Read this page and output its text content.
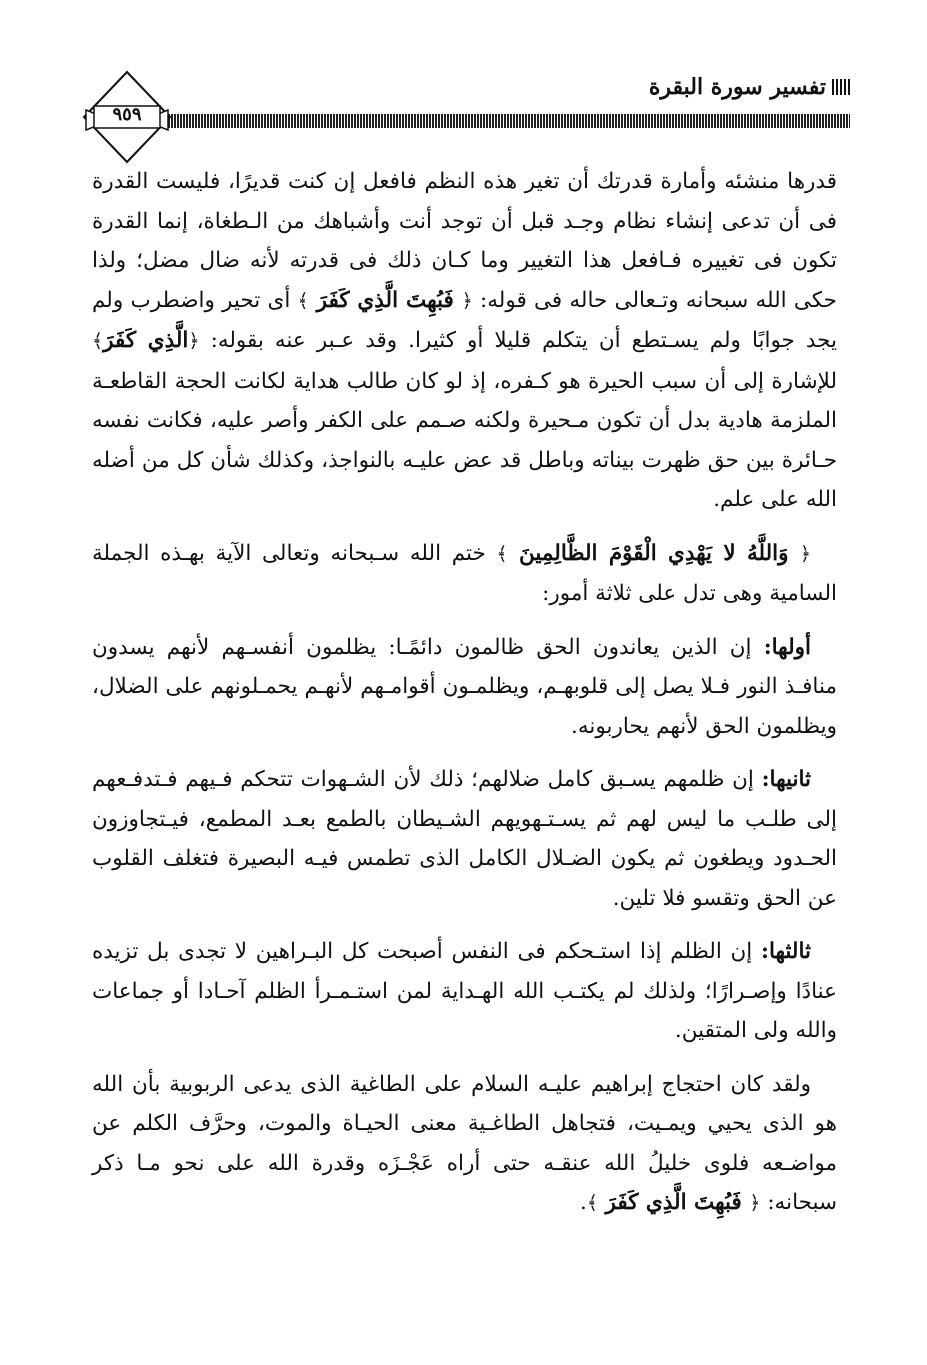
تفسير سورة البقرة
٩٥٩

قدرها منشئه وأمارة قدرتك أن تغير هذه النظم فافعل إن كنت قديرًا، فليست القدرة فى أن تدعى إنشاء نظام وجـد قبل أن توجد أنت وأشباهك من الـطغاة، إنما القدرة تكون فى تغييره فـافعل هذا التغيير وما كـان ذلك فى قدرته لأنه ضال مضل؛ ولذا حكى الله سبحانه وتـعالى حاله فى قوله: ﴿ فَبُهِتَ الَّذِي كَفَرَ ﴾ أى تحير واضطرب ولم يجد جوابًا ولم يسـتطع أن يتكلم قليلا أو كثيرا. وقد عـبر عنه بقوله: ﴿الَّذِي كَفَرَ﴾ للإشارة إلى أن سبب الحيرة هو كـفره، إذ لو كان طالب هداية لكانت الحجة القاطعـة الملزمة هادية بدل أن تكون مـحيرة ولكنه صـمم على الكفر وأصر عليه، فكانت نفسه حـائرة بين حق ظهرت بيناته وباطل قد عض عليـه بالنواجذ، وكذلك شأن كل من أضله الله على علم.

﴿ وَاللَّهُ لا يَهْدِي الْقَوْمَ الظَّالِمِينَ ﴾ ختم الله سـبحانه وتعالى الآية بهـذه الجملة السامية وهى تدل على ثلاثة أمور:

أولها: إن الذين يعاندون الحق ظالمون دائمًـا: يظلمون أنفسـهم لأنهم يسدون منافـذ النور فـلا يصل إلى قلوبهـم، ويظلمـون أقوامـهم لأنهـم يحمـلونهم على الضلال، ويظلمون الحق لأنهم يحاربونه.

ثانيها: إن ظلمهم يسـبق كامل ضلالهم؛ ذلك لأن الشـهوات تتحكم فـيهم فـتدفـعهم إلى طلـب ما ليس لهم ثم يسـتـهويهم الشـيطان بالطمع بعـد المطمع، فيـتجاوزون الحـدود ويطغون ثم يكون الضـلال الكامل الذى تطمس فيـه البصيرة فتغلف القلوب عن الحق وتقسو فلا تلين.

ثالثها: إن الظلم إذا استـحكم فى النفس أصبحت كل البـراهين لا تجدى بل تزيده عنادًا وإصـرارًا؛ ولذلك لم يكتـب الله الهـداية لمن استـمـرأ الظلم آحـادا أو جماعات والله ولى المتقين.

ولقد كان احتجاج إبراهيم عليـه السلام على الطاغية الذى يدعى الربوبية بأن الله هو الذى يحيي ويمـيت، فتجاهل الطاغـية معنى الحيـاة والموت، وحرَّف الكلم عن مواضـعه فلوى خليلُ الله عنقـه حتى أراه عَجْـزَه وقدرة الله على نحو مـا ذكر سبحانه: ﴿ فَبُهِتَ الَّذِي كَفَرَ ﴾.
